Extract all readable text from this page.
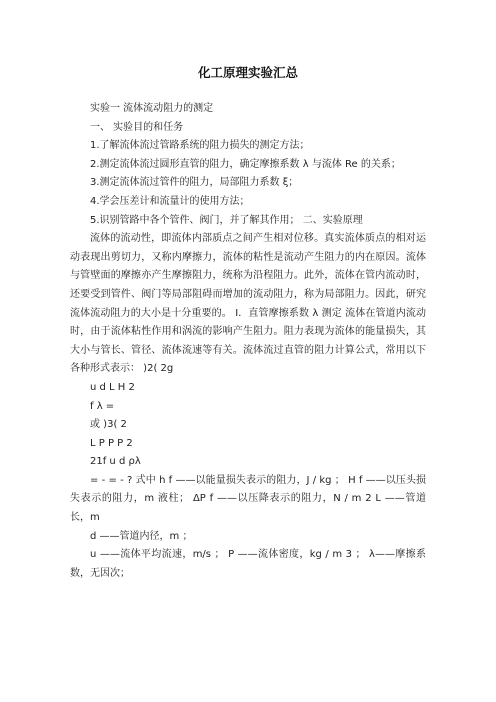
化工原理实验汇总

实验一 流体流动阻力的测定

一、 实验目的和任务

1.了解流体流过管路系统的阻力损失的测定方法；

2.测定流体流过圆形直管的阻力，确定摩擦系数 λ 与流体 Re 的关系；

3.测定流体流过管件的阻力，局部阻力系数 ξ；

4.学会压差计和流量计的使用方法；

5.识别管路中各个管件、阀门，并了解其作用； 二、实验原理

流体的流动性，即流体内部质点之间产生相对位移。真实流体质点的相对运动表现出剪切力，又称内摩擦力，流体的粘性是流动产生阻力的内在原因。流体与管壁面的摩擦亦产生摩擦阻力，统称为沿程阻力。此外，流体在管内流动时，还要受到管件、阀门等局部阻碍而增加的流动阻力，称为局部阻力。因此，研究流体流动阻力的大小是十分重要的。 Ⅰ．直管摩擦系数 λ 测定 流体在管道内流动时，由于流体粘性作用和涡流的影响产生阻力。阻力表现为流体的能量损失，其大小与管长、管径、流体流速等有关。流体流过直管的阻力计算公式，常用以下各种形式表示： )2( 2g

u d L H 2

f λ =

或 )3( 2

L P P P 2

21f u d ρλ

= - = - ? 式中 h f ——以能量损失表示的阻力，J / kg ； H f ——以压头损失表示的阻力，m 液柱； ΔP f ——以压降表示的阻力，N / m 2 L ——管道长，m

d ——管道内径，m ；

u ——流体平均流速，m/s ； P ——流体密度，kg / m 3 ； λ——摩擦系数，无因次；
